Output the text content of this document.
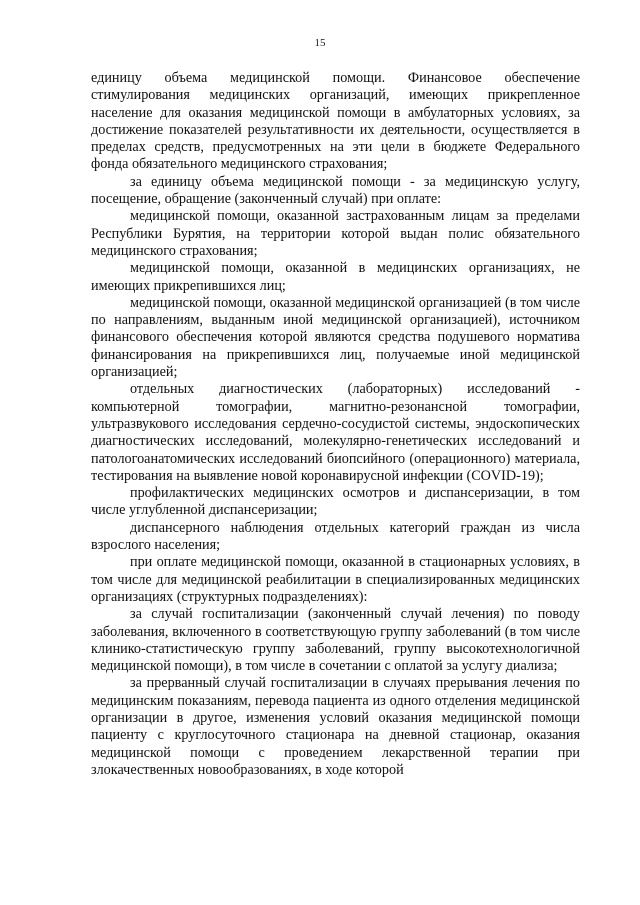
15

единицу объема медицинской помощи. Финансовое обеспечение стимулирования медицинских организаций, имеющих прикрепленное население для оказания медицинской помощи в амбулаторных условиях, за достижение показателей результативности их деятельности, осуществляется в пределах средств, предусмотренных на эти цели в бюджете Федерального фонда обязательного медицинского страхования;

за единицу объема медицинской помощи - за медицинскую услугу, посещение, обращение (законченный случай) при оплате:

медицинской помощи, оказанной застрахованным лицам за пределами Республики Бурятия, на территории которой выдан полис обязательного медицинского страхования;

медицинской помощи, оказанной в медицинских организациях, не имеющих прикрепившихся лиц;

медицинской помощи, оказанной медицинской организацией (в том числе по направлениям, выданным иной медицинской организацией), источником финансового обеспечения которой являются средства подушевого норматива финансирования на прикрепившихся лиц, получаемые иной медицинской организацией;

отдельных диагностических (лабораторных) исследований - компьютерной томографии, магнитно-резонансной томографии, ультразвукового исследования сердечно-сосудистой системы, эндоскопических диагностических исследований, молекулярно-генетических исследований и патологоанатомических исследований биопсийного (операционного) материала, тестирования на выявление новой коронавирусной инфекции (COVID-19);

профилактических медицинских осмотров и диспансеризации, в том числе углубленной диспансеризации;

диспансерного наблюдения отдельных категорий граждан из числа взрослого населения;

при оплате медицинской помощи, оказанной в стационарных условиях, в том числе для медицинской реабилитации в специализированных медицинских организациях (структурных подразделениях):

за случай госпитализации (законченный случай лечения) по поводу заболевания, включенного в соответствующую группу заболеваний (в том числе клинико-статистическую группу заболеваний, группу высокотехнологичной медицинской помощи), в том числе в сочетании с оплатой за услугу диализа;

за прерванный случай госпитализации в случаях прерывания лечения по медицинским показаниям, перевода пациента из одного отделения медицинской организации в другое, изменения условий оказания медицинской помощи пациенту с круглосуточного стационара на дневной стационар, оказания медицинской помощи с проведением лекарственной терапии при злокачественных новообразованиях, в ходе которой
